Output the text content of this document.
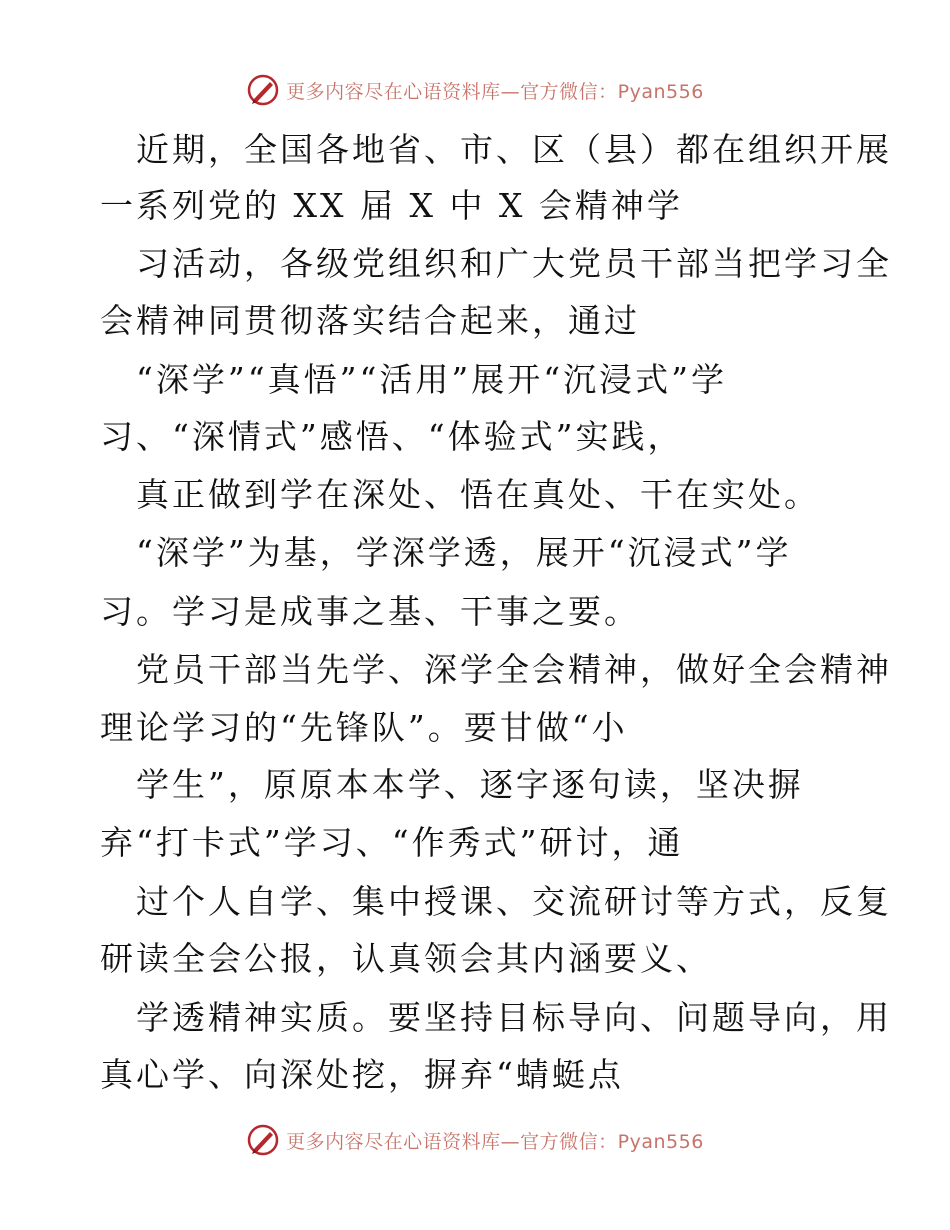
更多内容尽在心语资料库—官方微信：Pyan556
近期，全国各地省、市、区（县）都在组织开展
一系列党的 XX 届 X 中 X 会精神学
习活动，各级党组织和广大党员干部当把学习全
会精神同贯彻落实结合起来，通过
“深学”“真悟”“活用”展开“沉浸式”学
习、“深情式”感悟、“体验式”实践，
真正做到学在深处、悟在真处、干在实处。
“深学”为基，学深学透，展开“沉浸式”学
习。学习是成事之基、干事之要。
党员干部当先学、深学全会精神，做好全会精神
理论学习的“先锋队”。要甘做“小
学生”，原原本本学、逐字逐句读，坚决摒
弃“打卡式”学习、“作秀式”研讨，通
过个人自学、集中授课、交流研讨等方式，反复
研读全会公报，认真领会其内涵要义、
学透精神实质。要坚持目标导向、问题导向，用
真心学、向深处挖，摒弃“蜻蜓点
更多内容尽在心语资料库—官方微信：Pyan556
